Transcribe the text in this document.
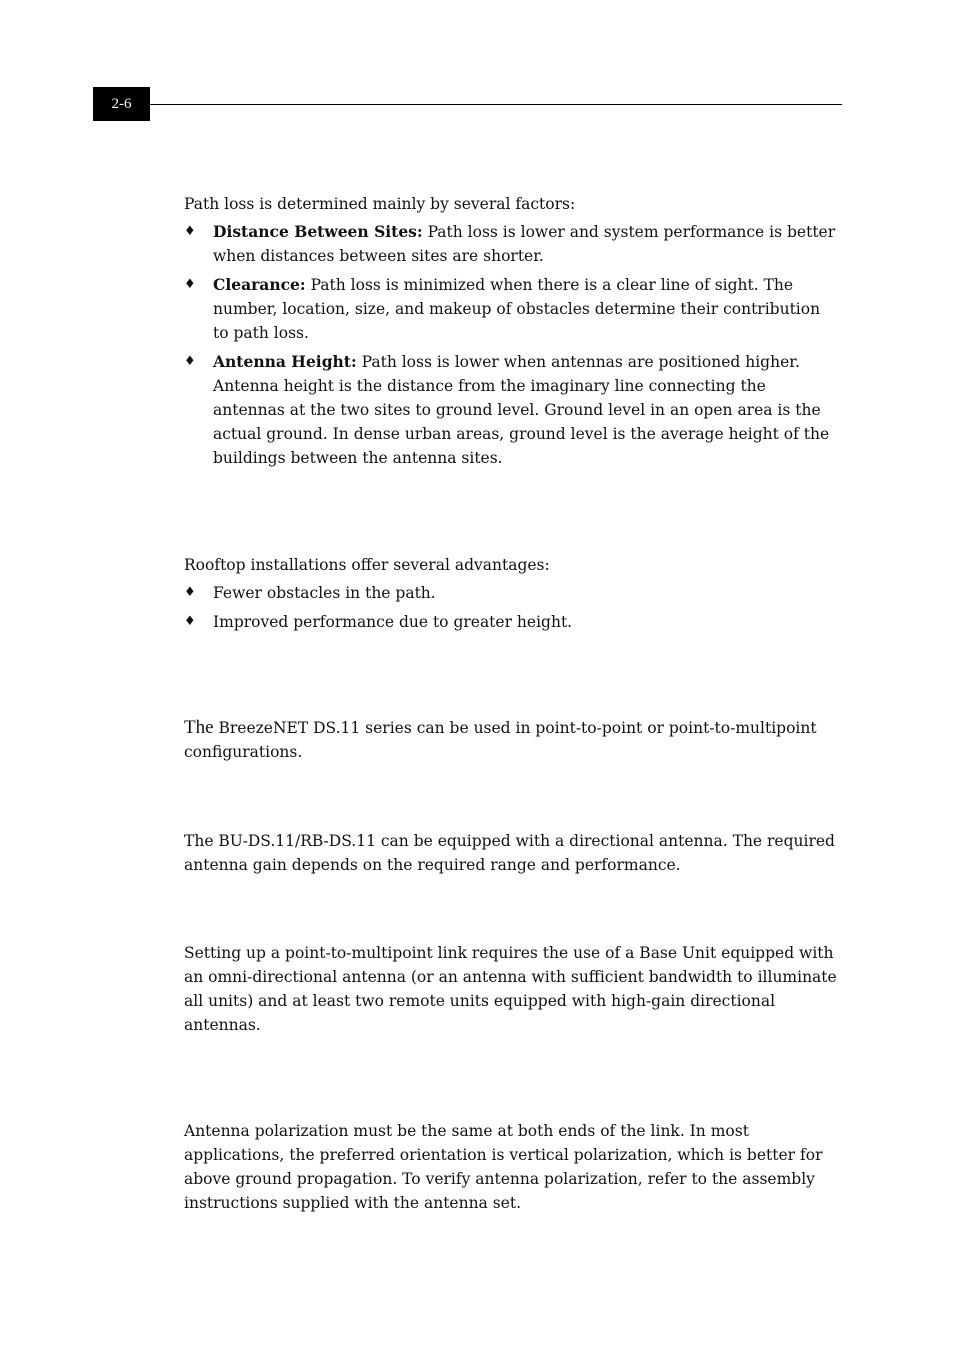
2-6

Path loss is determined mainly by several factors:

♦ Distance Between Sites: Path loss is lower and system performance is better when distances between sites are shorter.
♦ Clearance: Path loss is minimized when there is a clear line of sight. The number, location, size, and makeup of obstacles determine their contribution to path loss.
♦ Antenna Height: Path loss is lower when antennas are positioned higher. Antenna height is the distance from the imaginary line connecting the antennas at the two sites to ground level. Ground level in an open area is the actual ground. In dense urban areas, ground level is the average height of the buildings between the antenna sites.

Rooftop installations offer several advantages:

♦ Fewer obstacles in the path.
♦ Improved performance due to greater height.

The BreezeNET DS.11 series can be used in point-to-point or point-to-multipoint configurations.

The BU-DS.11/RB-DS.11 can be equipped with a directional antenna. The required antenna gain depends on the required range and performance.

Setting up a point-to-multipoint link requires the use of a Base Unit equipped with an omni-directional antenna (or an antenna with sufficient bandwidth to illuminate all units) and at least two remote units equipped with high-gain directional antennas.

Antenna polarization must be the same at both ends of the link. In most applications, the preferred orientation is vertical polarization, which is better for above ground propagation. To verify antenna polarization, refer to the assembly instructions supplied with the antenna set.
